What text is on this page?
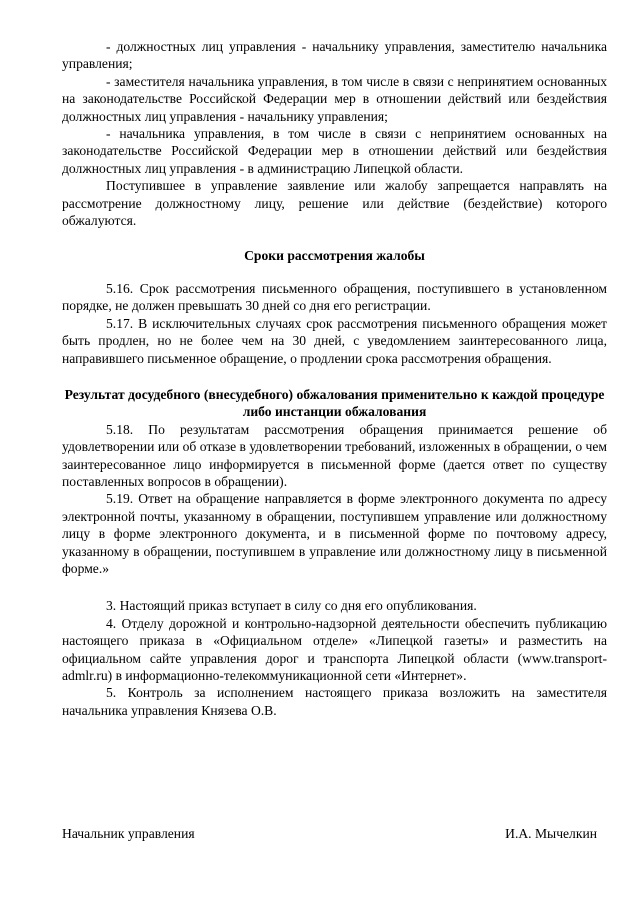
- должностных лиц управления - начальнику управления, заместителю начальника управления;

- заместителя начальника управления, в том числе в связи с непринятием основанных на законодательстве Российской Федерации мер в отношении действий или бездействия должностных лиц управления - начальнику управления;

- начальника управления, в том числе в связи с непринятием основанных на законодательстве Российской Федерации мер в отношении действий или бездействия должностных лиц управления - в администрацию Липецкой области.

Поступившее в управление заявление или жалобу запрещается направлять на рассмотрение должностному лицу, решение или действие (бездействие) которого обжалуются.

Сроки рассмотрения жалобы

5.16. Срок рассмотрения письменного обращения, поступившего в установленном порядке, не должен превышать 30 дней со дня его регистрации.

5.17. В исключительных случаях срок рассмотрения письменного обращения может быть продлен, но не более чем на 30 дней, с уведомлением заинтересованного лица, направившего письменное обращение, о продлении срока рассмотрения обращения.

Результат досудебного (внесудебного) обжалования применительно к каждой процедуре либо инстанции обжалования

5.18. По результатам рассмотрения обращения принимается решение об удовлетворении или об отказе в удовлетворении требований, изложенных в обращении, о чем заинтересованное лицо информируется в письменной форме (дается ответ по существу поставленных вопросов в обращении).

5.19. Ответ на обращение направляется в форме электронного документа по адресу электронной почты, указанному в обращении, поступившем управление или должностному лицу в форме электронного документа, и в письменной форме по почтовому адресу, указанному в обращении, поступившем в управление или должностному лицу в письменной форме.»

3. Настоящий приказ вступает в силу со дня его опубликования.

4. Отделу дорожной и контрольно-надзорной деятельности обеспечить публикацию настоящего приказа в «Официальном отделе» «Липецкой газеты» и разместить на официальном сайте управления дорог и транспорта Липецкой области (www.transport-admlr.ru) в информационно-телекоммуникационной сети «Интернет».

5. Контроль за исполнением настоящего приказа возложить на заместителя начальника управления Князева О.В.

Начальник управления	И.А. Мычелкин
